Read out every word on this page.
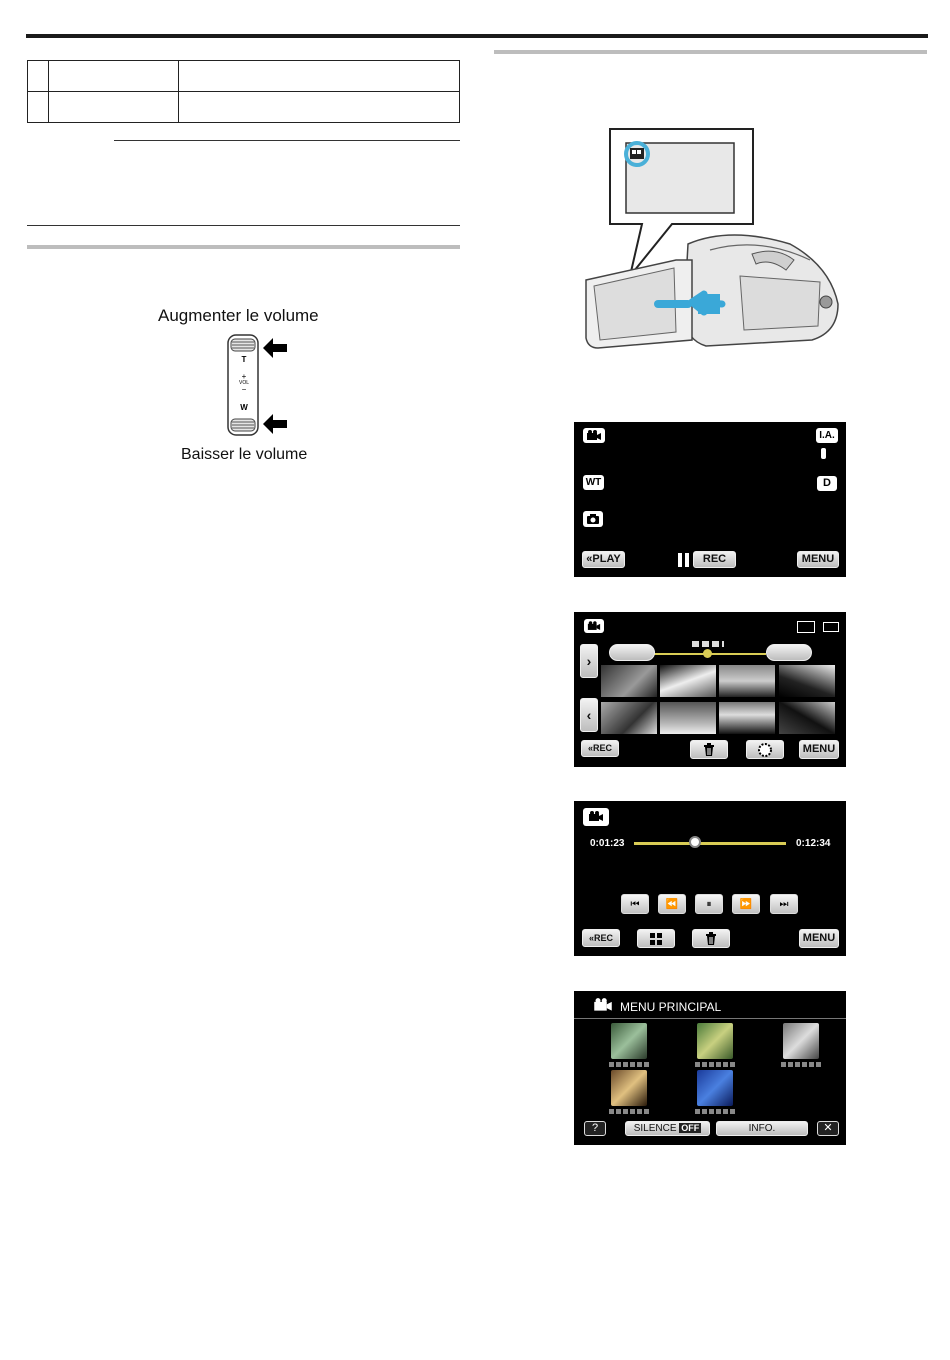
Augmenter le volume
T
+
VOL
−
W
Baisser le volume
I.A.
WT	D
«PLAY	REC	MENU
SD
›
‹
«REC	MENU
0:01:23	0:12:34
⏮	⏪	⏸	⏩	⏭
«REC	MENU
MENU PRINCIPAL
?	SILENCE OFF	INFO.	✕
